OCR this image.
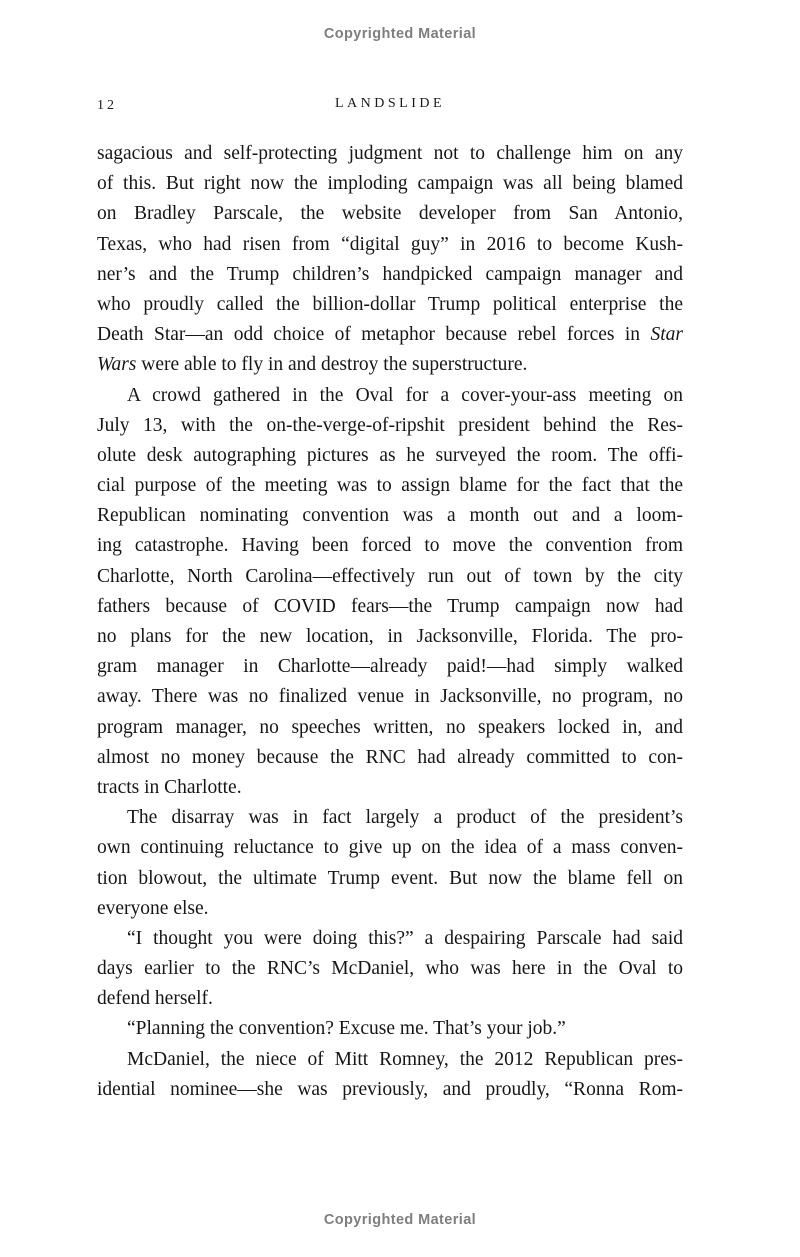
Copyrighted Material
12	LANDSLIDE
sagacious and self-protecting judgment not to challenge him on any
of this. But right now the imploding campaign was all being blamed
on Bradley Parscale, the website developer from San Antonio,
Texas, who had risen from “digital guy” in 2016 to become Kush-
ner’s and the Trump children’s handpicked campaign manager and
who proudly called the billion-dollar Trump political enterprise the
Death Star—an odd choice of metaphor because rebel forces in Star
Wars were able to fly in and destroy the superstructure.
A crowd gathered in the Oval for a cover-your-ass meeting on
July 13, with the on-the-verge-of-ripshit president behind the Res-
olute desk autographing pictures as he surveyed the room. The offi-
cial purpose of the meeting was to assign blame for the fact that the
Republican nominating convention was a month out and a loom-
ing catastrophe. Having been forced to move the convention from
Charlotte, North Carolina—effectively run out of town by the city
fathers because of COVID fears—the Trump campaign now had
no plans for the new location, in Jacksonville, Florida. The pro-
gram manager in Charlotte—already paid!—had simply walked
away. There was no finalized venue in Jacksonville, no program, no
program manager, no speeches written, no speakers locked in, and
almost no money because the RNC had already committed to con-
tracts in Charlotte.
The disarray was in fact largely a product of the president’s
own continuing reluctance to give up on the idea of a mass conven-
tion blowout, the ultimate Trump event. But now the blame fell on
everyone else.
“I thought you were doing this?” a despairing Parscale had said
days earlier to the RNC’s McDaniel, who was here in the Oval to
defend herself.
“Planning the convention? Excuse me. That’s your job.”
McDaniel, the niece of Mitt Romney, the 2012 Republican pres-
idential nominee—she was previously, and proudly, “Ronna Rom-
Copyrighted Material
